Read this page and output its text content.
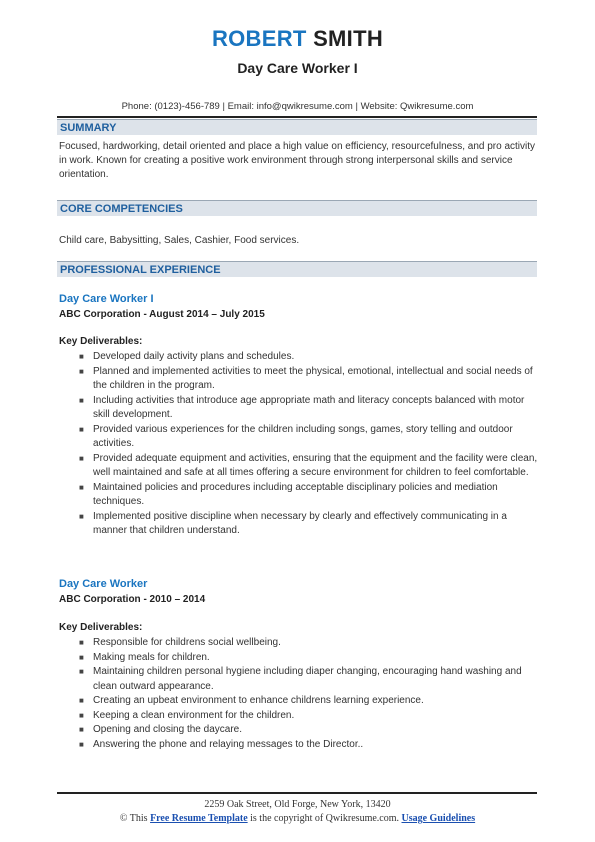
ROBERT SMITH
Day Care Worker I
Phone: (0123)-456-789 | Email: info@qwikresume.com | Website: Qwikresume.com
SUMMARY
Focused, hardworking, detail oriented and place a high value on efficiency, resourcefulness, and pro activity in work. Known for creating a positive work environment through strong interpersonal skills and service orientation.
CORE COMPETENCIES
Child care, Babysitting, Sales, Cashier, Food services.
PROFESSIONAL EXPERIENCE
Day Care Worker I
ABC Corporation - August 2014 – July 2015
Key Deliverables:
■ Developed daily activity plans and schedules.
■ Planned and implemented activities to meet the physical, emotional, intellectual and social needs of the children in the program.
■ Including activities that introduce age appropriate math and literacy concepts balanced with motor skill development.
■ Provided various experiences for the children including songs, games, story telling and outdoor activities.
■ Provided adequate equipment and activities, ensuring that the equipment and the facility were clean, well maintained and safe at all times offering a secure environment for children to feel comfortable.
■ Maintained policies and procedures including acceptable disciplinary policies and mediation techniques.
■ Implemented positive discipline when necessary by clearly and effectively communicating in a manner that children understand.
Day Care Worker
ABC Corporation - 2010 – 2014
Key Deliverables:
■ Responsible for childrens social wellbeing.
■ Making meals for children.
■ Maintaining children personal hygiene including diaper changing, encouraging hand washing and clean outward appearance.
■ Creating an upbeat environment to enhance childrens learning experience.
■ Keeping a clean environment for the children.
■ Opening and closing the daycare.
■ Answering the phone and relaying messages to the Director..
2259 Oak Street, Old Forge, New York, 13420
© This Free Resume Template is the copyright of Qwikresume.com. Usage Guidelines
